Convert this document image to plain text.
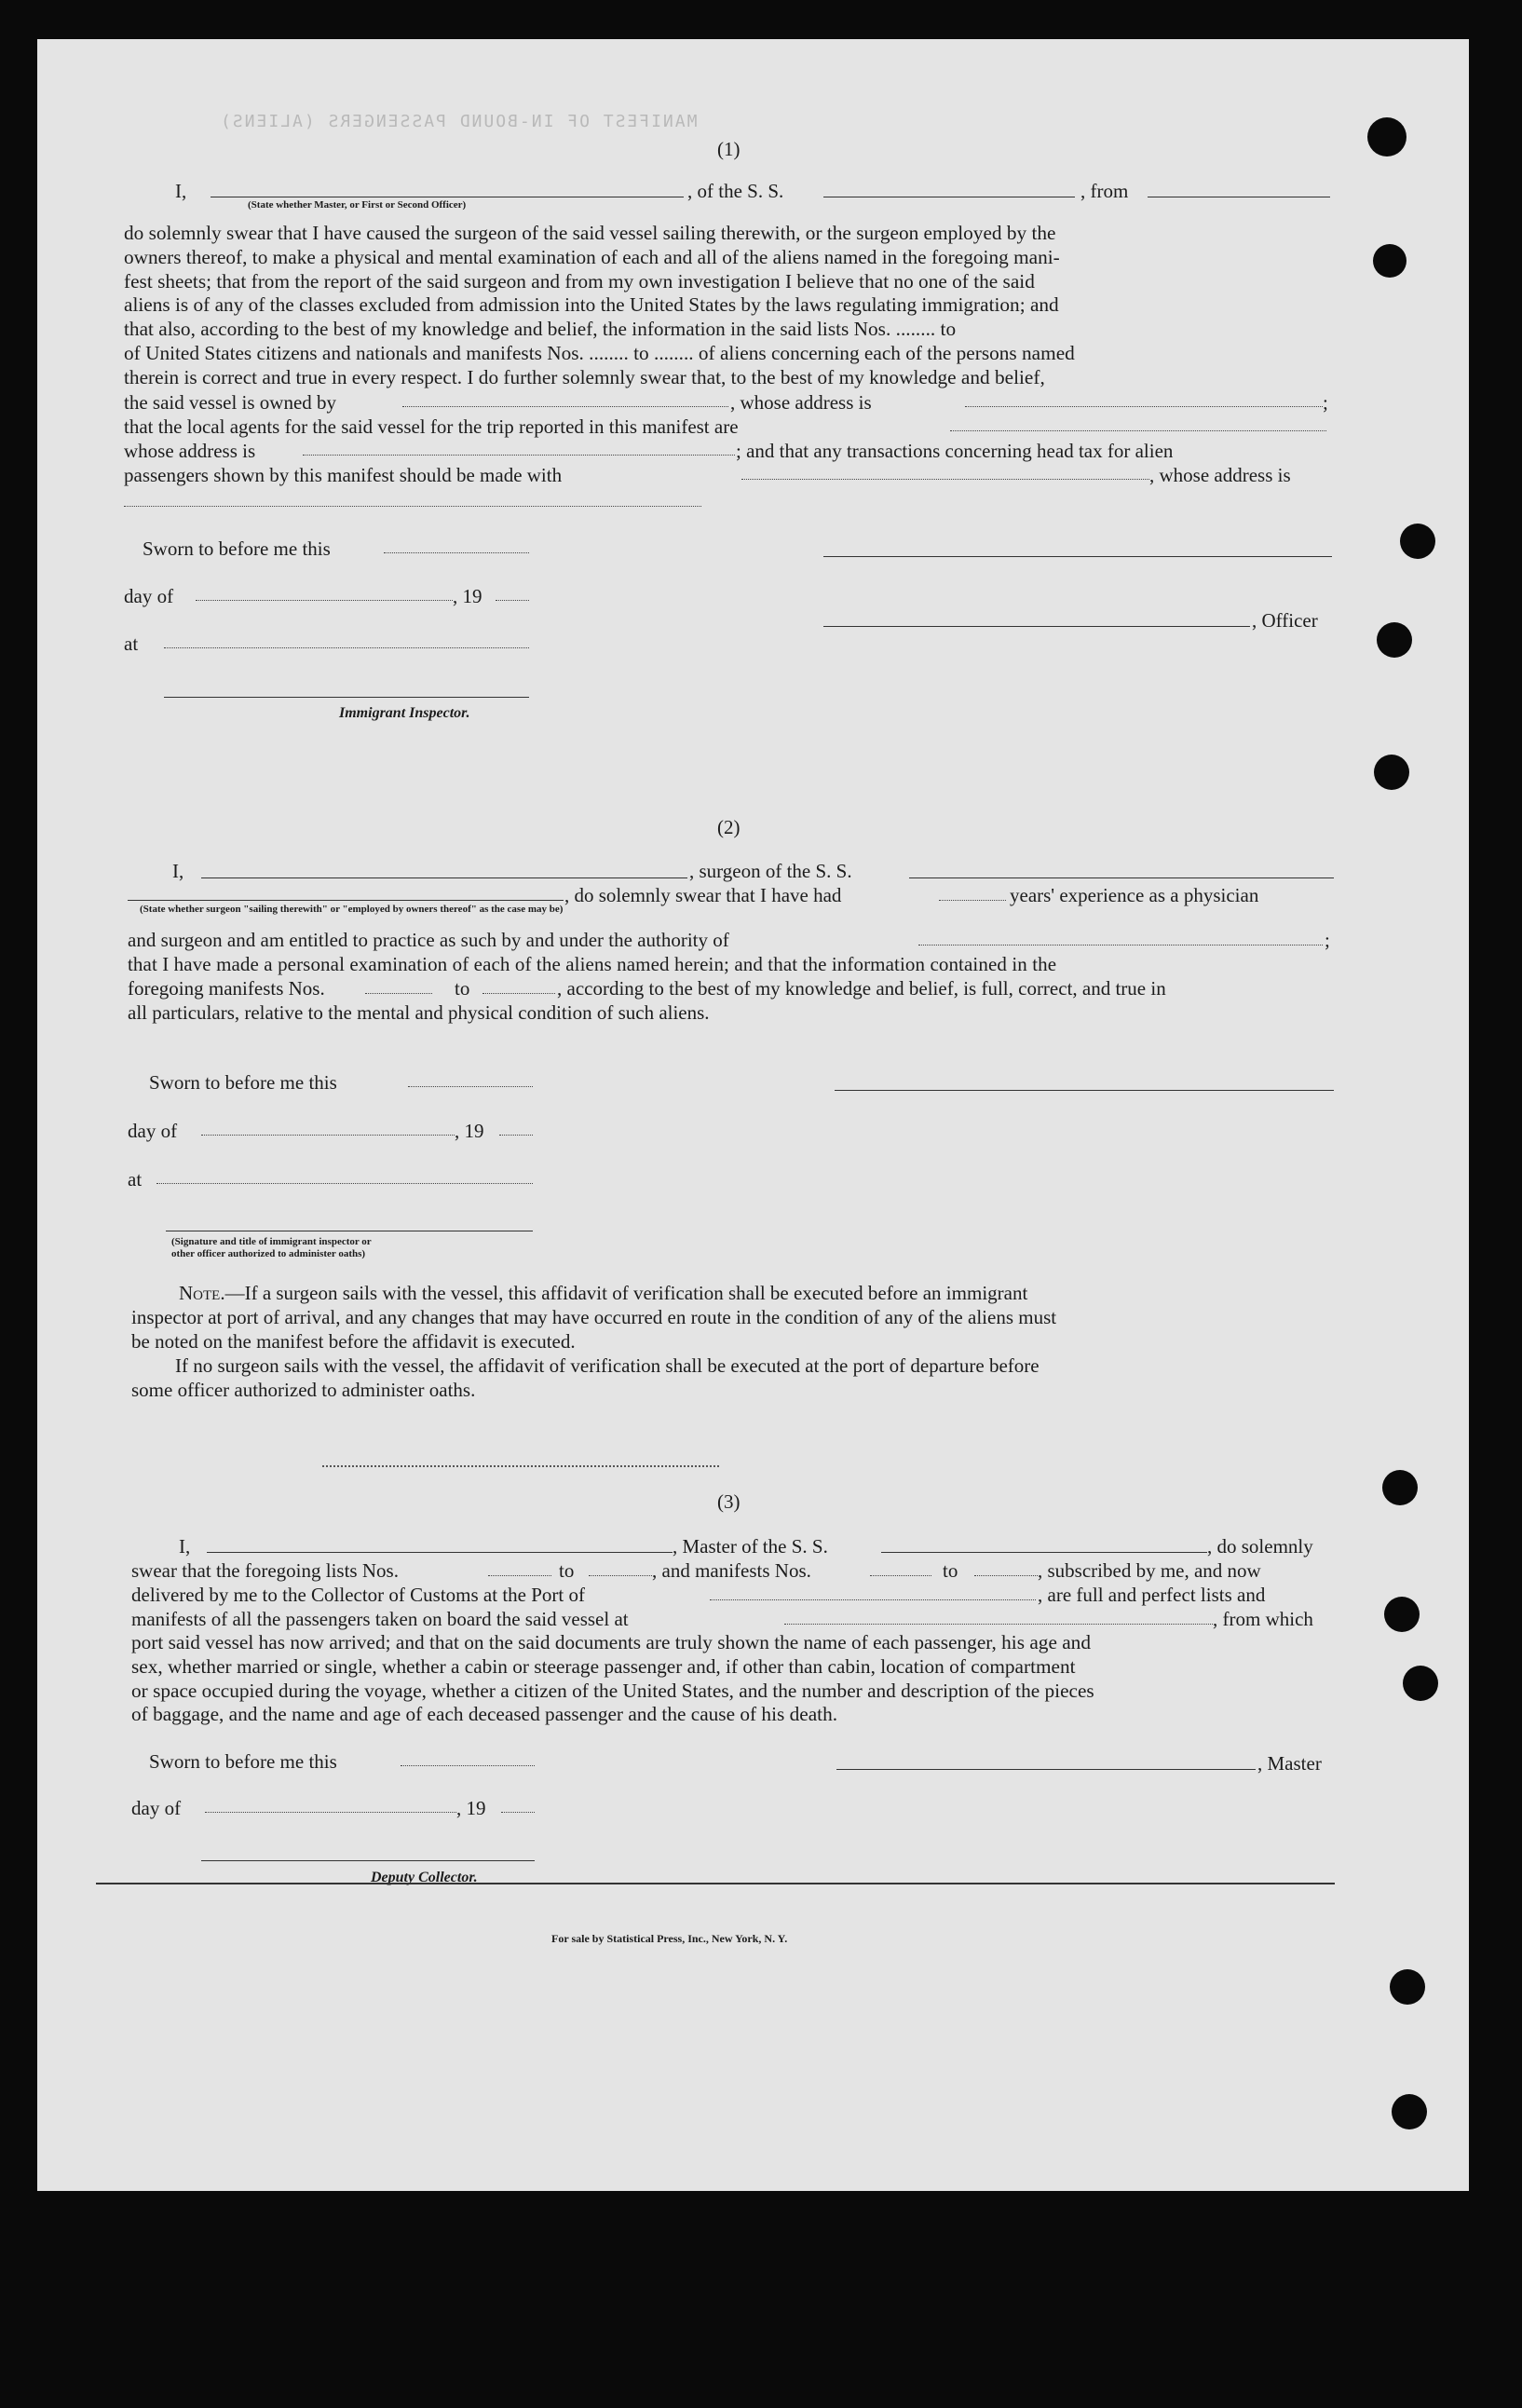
MANIFEST OF IN-BOUND PASSENGERS (ALIENS)
(1)
I,
(State whether Master, or First or Second Officer)
, of the S. S.	, from
do solemnly swear that I have caused the surgeon of the said vessel sailing therewith, or the surgeon employed by the
owners thereof, to make a physical and mental examination of each and all of the aliens named in the foregoing mani-
fest sheets; that from the report of the said surgeon and from my own investigation I believe that no one of the said
aliens is of any of the classes excluded from admission into the United States by the laws regulating immigration; and
that also, according to the best of my knowledge and belief, the information in the said lists Nos. ........ to
of United States citizens and nationals and manifests Nos. ........ to ........ of aliens concerning each of the persons named
therein is correct and true in every respect. I do further solemnly swear that, to the best of my knowledge and belief,
the said vessel is owned by	, whose address is	;
that the local agents for the said vessel for the trip reported in this manifest are
whose address is	; and that any transactions concerning head tax for alien
passengers shown by this manifest should be made with	, whose address is
Sworn to before me this
day of	, 19
, Officer
at
Immigrant Inspector.
(2)
I,	, surgeon of the S. S.
, do solemnly swear that I have had	years' experience as a physician
(State whether surgeon "sailing therewith" or "employed by owners thereof" as the case may be)
and surgeon and am entitled to practice as such by and under the authority of	;
that I have made a personal examination of each of the aliens named herein; and that the information contained in the
foregoing manifests Nos.	to	, according to the best of my knowledge and belief, is full, correct, and true in
all particulars, relative to the mental and physical condition of such aliens.
Sworn to before me this
day of	, 19
at
(Signature and title of immigrant inspector or
other officer authorized to administer oaths)
Note.—If a surgeon sails with the vessel, this affidavit of verification shall be executed before an immigrant
inspector at port of arrival, and any changes that may have occurred en route in the condition of any of the aliens must
be noted on the manifest before the affidavit is executed.
If no surgeon sails with the vessel, the affidavit of verification shall be executed at the port of departure before
some officer authorized to administer oaths.
(3)
I,	, Master of the S. S.	, do solemnly
swear that the foregoing lists Nos.	to	, and manifests Nos.	to	, subscribed by me, and now
delivered by me to the Collector of Customs at the Port of	, are full and perfect lists and
manifests of all the passengers taken on board the said vessel at	, from which
port said vessel has now arrived; and that on the said documents are truly shown the name of each passenger, his age and
sex, whether married or single, whether a cabin or steerage passenger and, if other than cabin, location of compartment
or space occupied during the voyage, whether a citizen of the United States, and the number and description of the pieces
of baggage, and the name and age of each deceased passenger and the cause of his death.
Sworn to before me this	, Master
day of	, 19
Deputy Collector.
For sale by Statistical Press, Inc., New York, N. Y.
